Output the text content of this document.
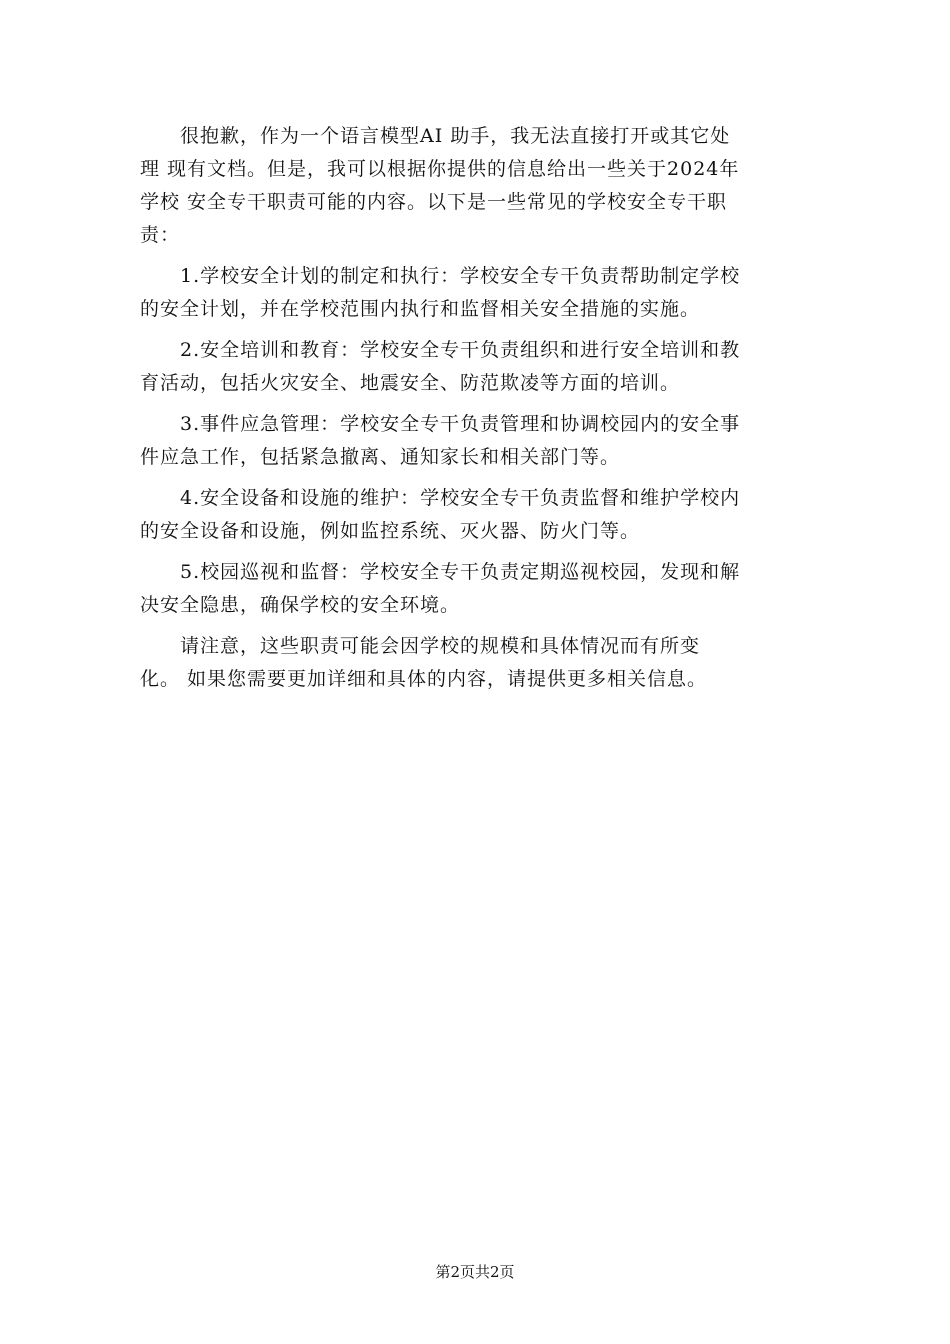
　　很抱歉，作为一个语言模型AI 助手，我无法直接打开或其它处
理 现有文档。但是，我可以根据你提供的信息给出一些关于2024年
学校 安全专干职责可能的内容。以下是一些常见的学校安全专干职
责：

　　1.学校安全计划的制定和执行：学校安全专干负责帮助制定学校
的安全计划，并在学校范围内执行和监督相关安全措施的实施。

　　2.安全培训和教育：学校安全专干负责组织和进行安全培训和教
育活动，包括火灾安全、地震安全、防范欺凌等方面的培训。

　　3.事件应急管理：学校安全专干负责管理和协调校园内的安全事
件应急工作，包括紧急撤离、通知家长和相关部门等。

　　4.安全设备和设施的维护：学校安全专干负责监督和维护学校内
的安全设备和设施，例如监控系统、灭火器、防火门等。

　　5.校园巡视和监督：学校安全专干负责定期巡视校园，发现和解
决安全隐患，确保学校的安全环境。

　　请注意，这些职责可能会因学校的规模和具体情况而有所变
化。 如果您需要更加详细和具体的内容，请提供更多相关信息。

第2页共2页
